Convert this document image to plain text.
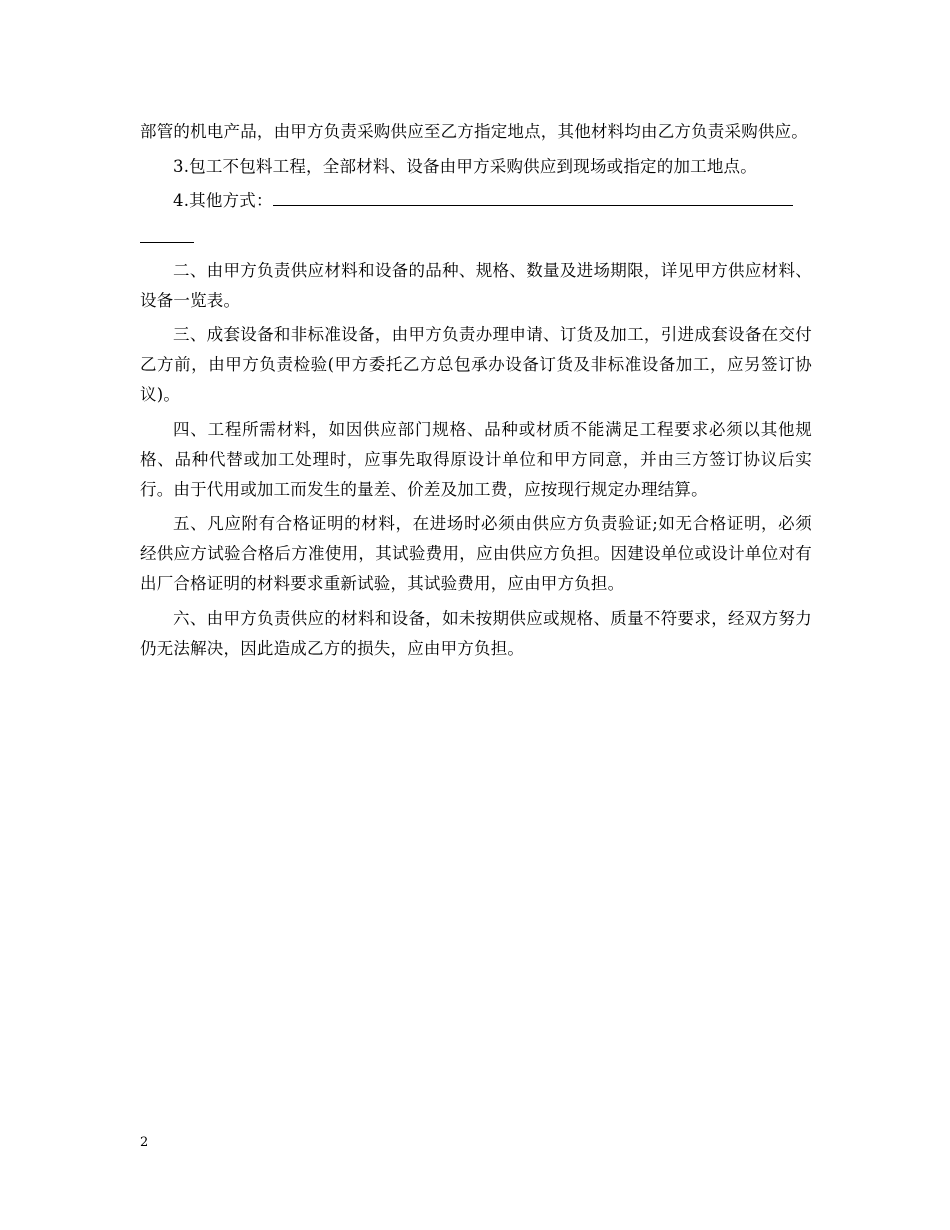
部管的机电产品，由甲方负责采购供应至乙方指定地点，其他材料均由乙方负责采购供应。

3.包工不包料工程，全部材料、设备由甲方采购供应到现场或指定的加工地点。

4.其他方式：

二、由甲方负责供应材料和设备的品种、规格、数量及进场期限，详见甲方供应材料、设备一览表。

三、成套设备和非标准设备，由甲方负责办理申请、订货及加工，引进成套设备在交付乙方前，由甲方负责检验(甲方委托乙方总包承办设备订货及非标准设备加工，应另签订协议)。

四、工程所需材料，如因供应部门规格、品种或材质不能满足工程要求必须以其他规格、品种代替或加工处理时，应事先取得原设计单位和甲方同意，并由三方签订协议后实行。由于代用或加工而发生的量差、价差及加工费，应按现行规定办理结算。

五、凡应附有合格证明的材料，在进场时必须由供应方负责验证;如无合格证明，必须经供应方试验合格后方准使用，其试验费用，应由供应方负担。因建设单位或设计单位对有出厂合格证明的材料要求重新试验，其试验费用，应由甲方负担。

六、由甲方负责供应的材料和设备，如未按期供应或规格、质量不符要求，经双方努力仍无法解决，因此造成乙方的损失，应由甲方负担。

2
